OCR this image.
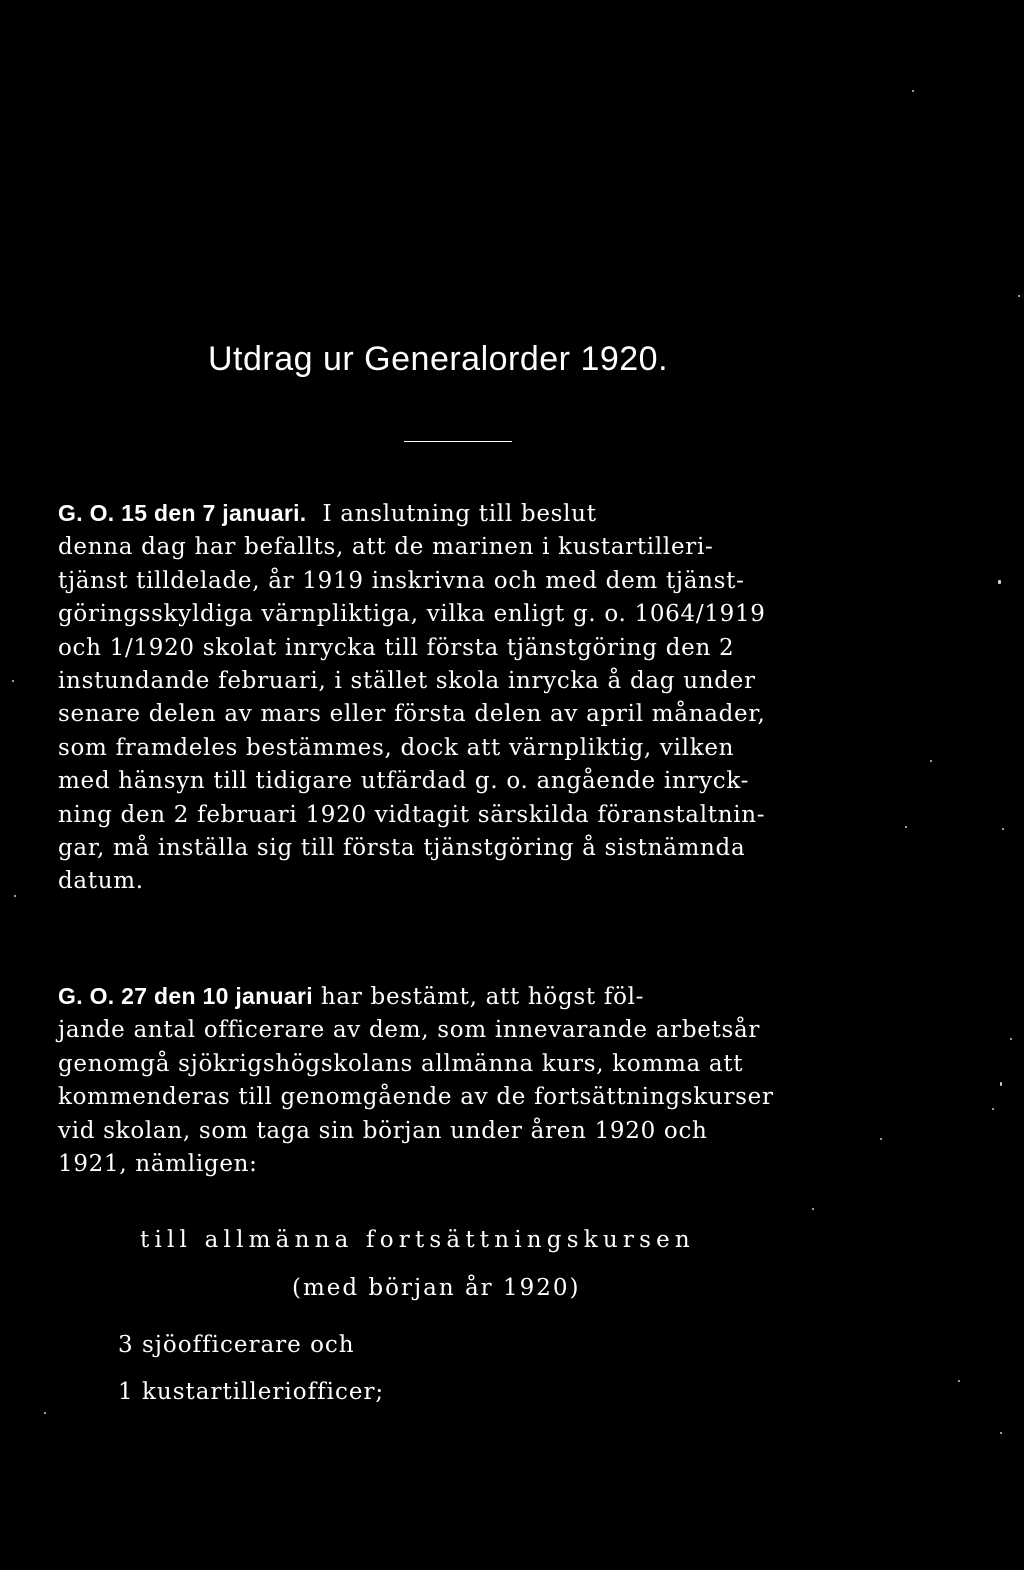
Utdrag ur Generalorder 1920.
G. O. 15 den 7 januari. I anslutning till beslut
denna dag har befallts, att de marinen i kustartilleri-
tjänst tilldelade, år 1919 inskrivna och med dem tjänst-
göringsskyldiga värnpliktiga, vilka enligt g. o. 1064/1919
och 1/1920 skolat inrycka till första tjänstgöring den 2
instundande februari, i stället skola inrycka å dag under
senare delen av mars eller första delen av april månader,
som framdeles bestämmes, dock att värnpliktig, vilken
med hänsyn till tidigare utfärdad g. o. angående inryck-
ning den 2 februari 1920 vidtagit särskilda föranstaltnin-
gar, må inställa sig till första tjänstgöring å sistnämnda
datum.
G. O. 27 den 10 januari har bestämt, att högst föl-
jande antal officerare av dem, som innevarande arbetsår
genomgå sjökrigshögskolans allmänna kurs, komma att
kommenderas till genomgående av de fortsättningskurser
vid skolan, som taga sin början under åren 1920 och
1921, nämligen:
till allmänna fortsättningskursen
(med början år 1920)
3 sjöofficerare och
1 kustartilleriofficer;
